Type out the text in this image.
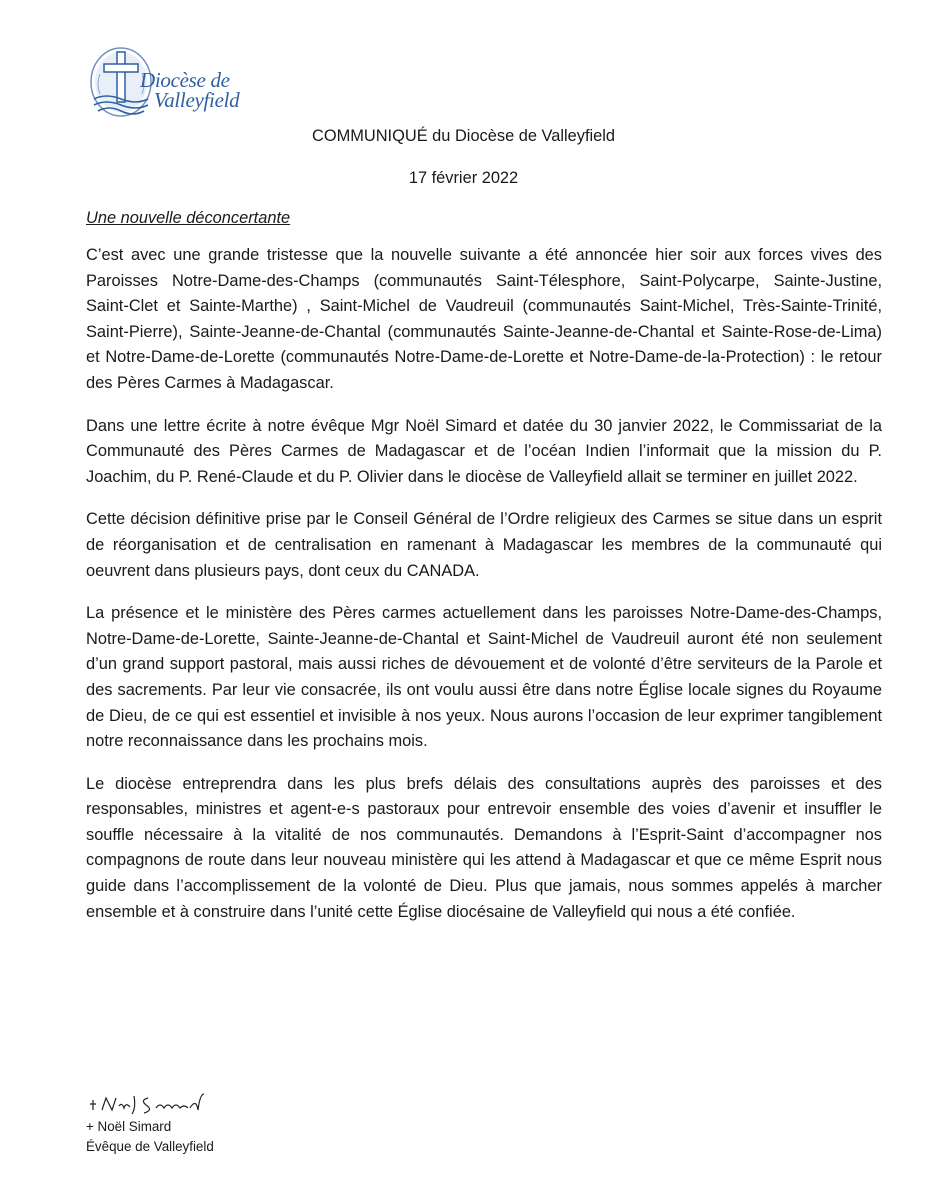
Diocèse de
Valleyfield
COMMUNIQUÉ du Diocèse de Valleyfield
17 février 2022
Une nouvelle déconcertante

C’est avec une grande tristesse que la nouvelle suivante a été annoncée hier soir aux forces vives des Paroisses Notre-Dame-des-Champs (communautés Saint-Télesphore, Saint-Polycarpe, Sainte-Justine, Saint-Clet et Sainte-Marthe) , Saint-Michel de Vaudreuil (communautés Saint-Michel, Très-Sainte-Trinité, Saint-Pierre), Sainte-Jeanne-de-Chantal (communautés Sainte-Jeanne-de-Chantal et Sainte-Rose-de-Lima) et Notre-Dame-de-Lorette (communautés Notre-Dame-de-Lorette et Notre-Dame-de-la-Protection) : le retour des Pères Carmes à Madagascar.

Dans une lettre écrite à notre évêque Mgr Noël Simard et datée du 30 janvier 2022, le Commissariat de la Communauté des Pères Carmes de Madagascar et de l’océan Indien l’informait que la mission du P. Joachim, du P. René-Claude et du P. Olivier dans le diocèse de Valleyfield allait se terminer en juillet 2022.

Cette décision définitive prise par le Conseil Général de l’Ordre religieux des Carmes se situe dans un esprit de réorganisation et de centralisation en ramenant à Madagascar les membres de la communauté qui oeuvrent dans plusieurs pays, dont ceux du CANADA.

La présence et le ministère des Pères carmes actuellement dans les paroisses Notre-Dame-des-Champs, Notre-Dame-de-Lorette, Sainte-Jeanne-de-Chantal et Saint-Michel de Vaudreuil auront été non seulement d’un grand support pastoral, mais aussi riches de dévouement et de volonté d’être serviteurs de la Parole et des sacrements. Par leur vie consacrée, ils ont voulu aussi être dans notre Église locale signes du Royaume de Dieu, de ce qui est essentiel et invisible à nos yeux. Nous aurons l’occasion de leur exprimer tangiblement notre reconnaissance dans les prochains mois.

Le diocèse entreprendra dans les plus brefs délais des consultations auprès des paroisses et des responsables, ministres et agent-e-s pastoraux pour entrevoir ensemble des voies d’avenir et insuffler le souffle nécessaire à la vitalité de nos communautés. Demandons à l’Esprit-Saint d’accompagner nos compagnons de route dans leur nouveau ministère qui les attend à Madagascar et que ce même Esprit nous guide dans l’accomplissement de la volonté de Dieu. Plus que jamais, nous sommes appelés à marcher ensemble et à construire dans l’unité cette Église diocésaine de Valleyfield qui nous a été confiée.

+ Noël Simard
Évêque de Valleyfield
